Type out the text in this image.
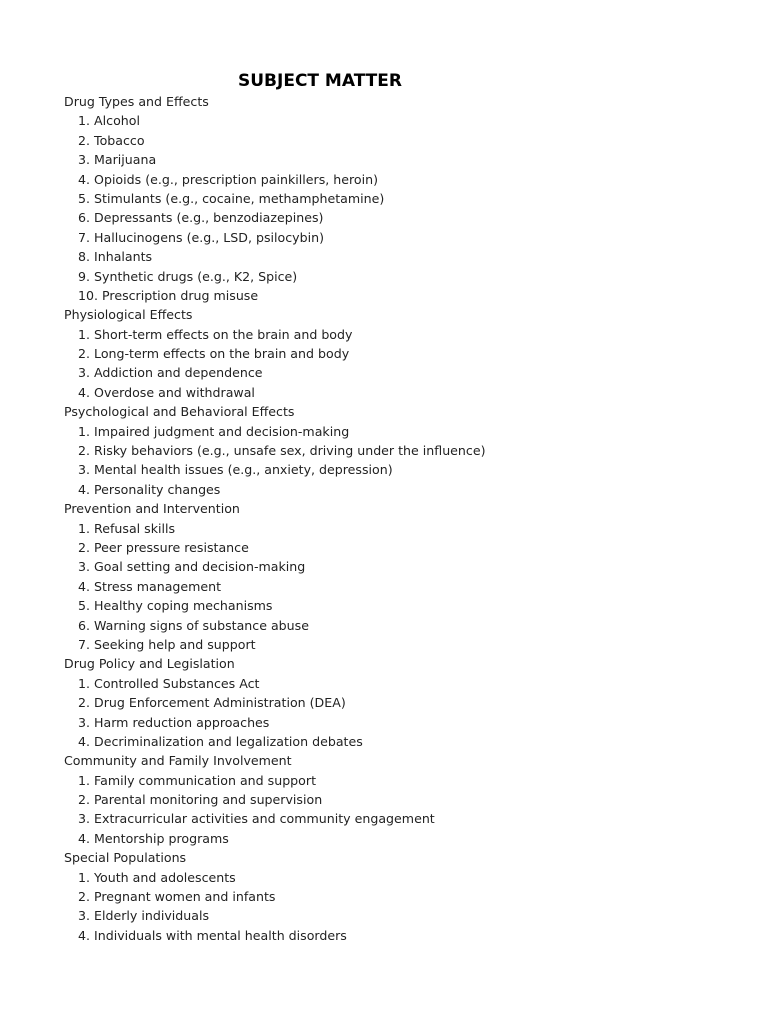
SUBJECT MATTER
Drug Types and Effects
1 . Alcohol
2 . Tobacco
3 . Marijuana
4 . Opioids (e.g., prescription painkillers, heroin)
5 . Stimulants (e.g., cocaine, methamphetamine)
6 . Depressants (e.g., benzodiazepines)
7 . Hallucinogens (e.g., LSD, psilocybin)
8 . Inhalants
9 . Synthetic drugs (e.g., K2, Spice)
10 . Prescription drug misuse
Physiological Effects
1 . Short-term effects on the brain and body
2 . Long-term effects on the brain and body
3 . Addiction and dependence
4 . Overdose and withdrawal
Psychological and Behavioral Effects
1 . Impaired judgment and decision-making
2 . Risky behaviors (e.g., unsafe sex, driving under the influence)
3 . Mental health issues (e.g., anxiety, depression)
4 . Personality changes
Prevention and Intervention
1 . Refusal skills
2 . Peer pressure resistance
3 . Goal setting and decision-making
4 . Stress management
5 . Healthy coping mechanisms
6 . Warning signs of substance abuse
7 . Seeking help and support
Drug Policy and Legislation
1 . Controlled Substances Act
2 . Drug Enforcement Administration (DEA)
3 . Harm reduction approaches
4 . Decriminalization and legalization debates
Community and Family Involvement
1 . Family communication and support
2 . Parental monitoring and supervision
3 . Extracurricular activities and community engagement
4 . Mentorship programs
Special Populations
1 . Youth and adolescents
2 . Pregnant women and infants
3 . Elderly individuals
4 . Individuals with mental health disorders
